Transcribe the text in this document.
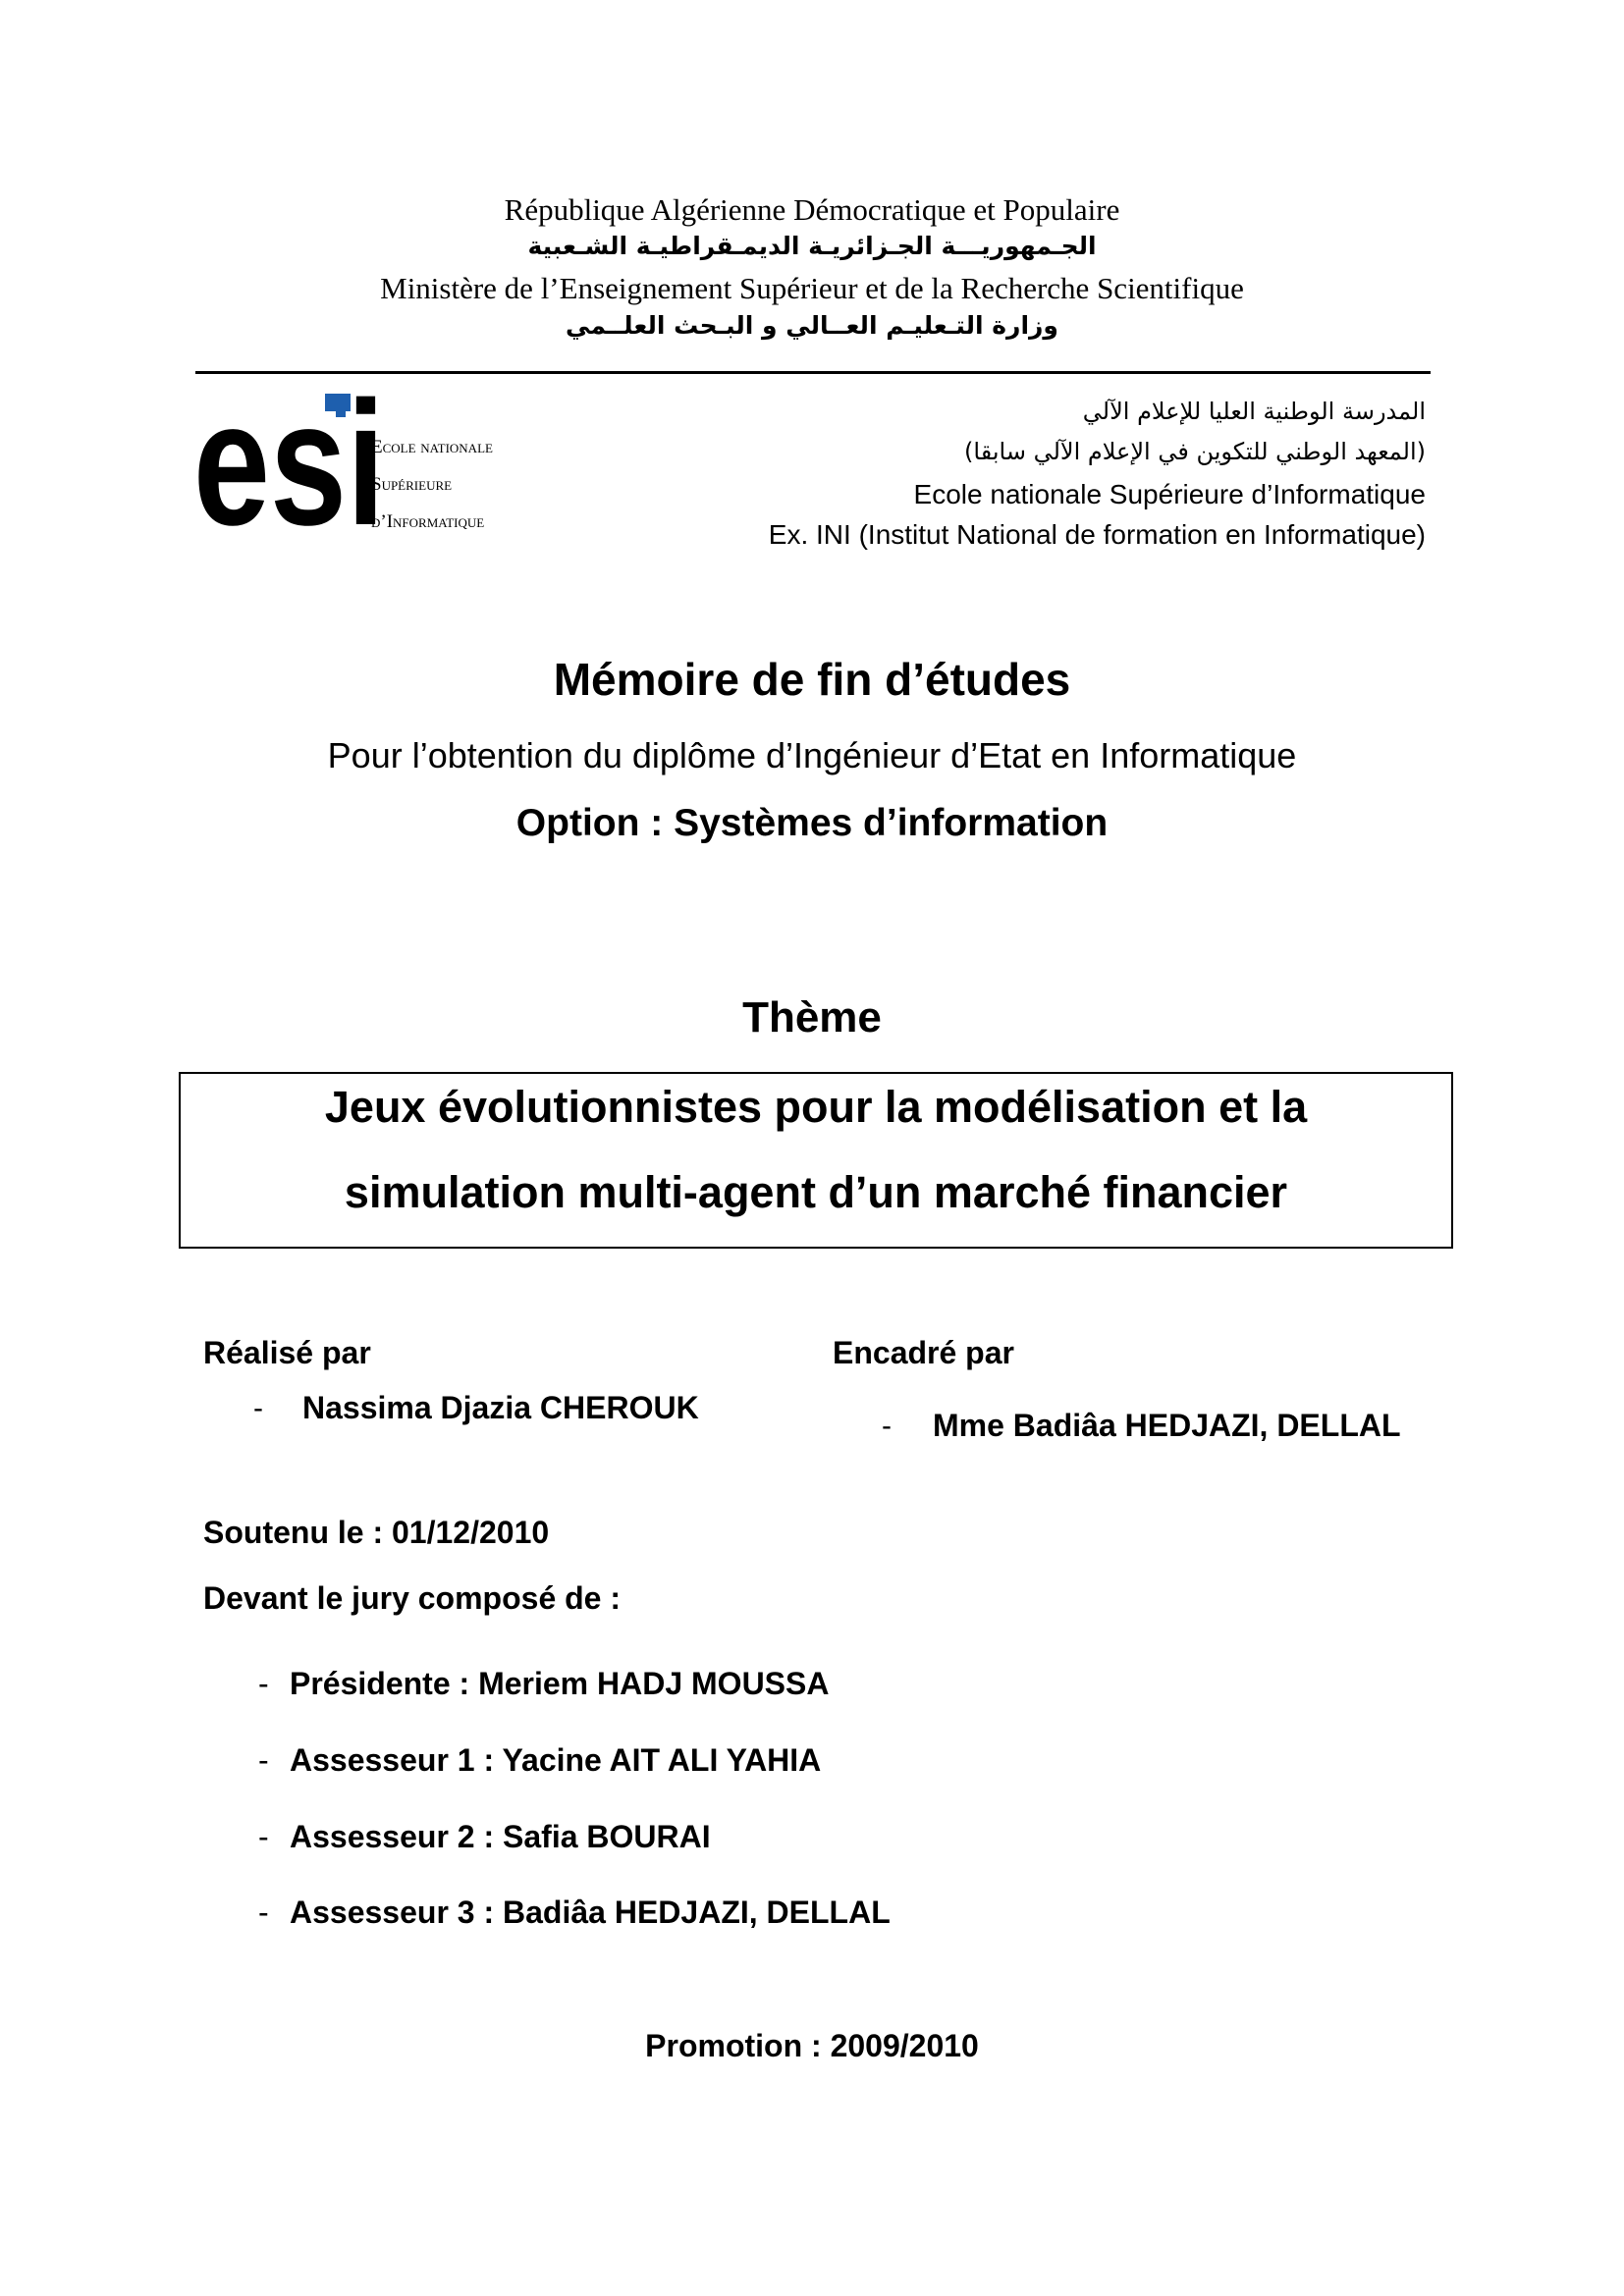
République Algérienne Démocratique et Populaire
الجـمهوريـــة الجـزائريـة الديمـقراطيـة الشـعبية
Ministère de l’Enseignement Supérieur et de la Recherche Scientifique
وزارة التـعليـم العــالي و البـحث العلــمي
esi
Ecole nationale
Supérieure
d’Informatique
المدرسة الوطنية العليا للإعلام الآلي
(المعهد الوطني للتكوين في الإعلام الآلي سابقا)
Ecole nationale Supérieure d’Informatique
Ex. INI (Institut National de formation en Informatique)
Mémoire de fin d’études
Pour l’obtention du diplôme d’Ingénieur d’Etat en Informatique
Option : Systèmes d’information
Thème
Jeux évolutionnistes pour la modélisation et la
simulation multi-agent d’un marché financier
Réalisé par
- Nassima Djazia CHEROUK
Encadré par
- Mme Badiâa HEDJAZI, DELLAL
Soutenu le : 01/12/2010
Devant le jury composé de :
- Présidente : Meriem HADJ MOUSSA
- Assesseur 1 : Yacine AIT ALI YAHIA
- Assesseur 2 : Safia BOURAI
- Assesseur 3 : Badiâa HEDJAZI, DELLAL
Promotion : 2009/2010
